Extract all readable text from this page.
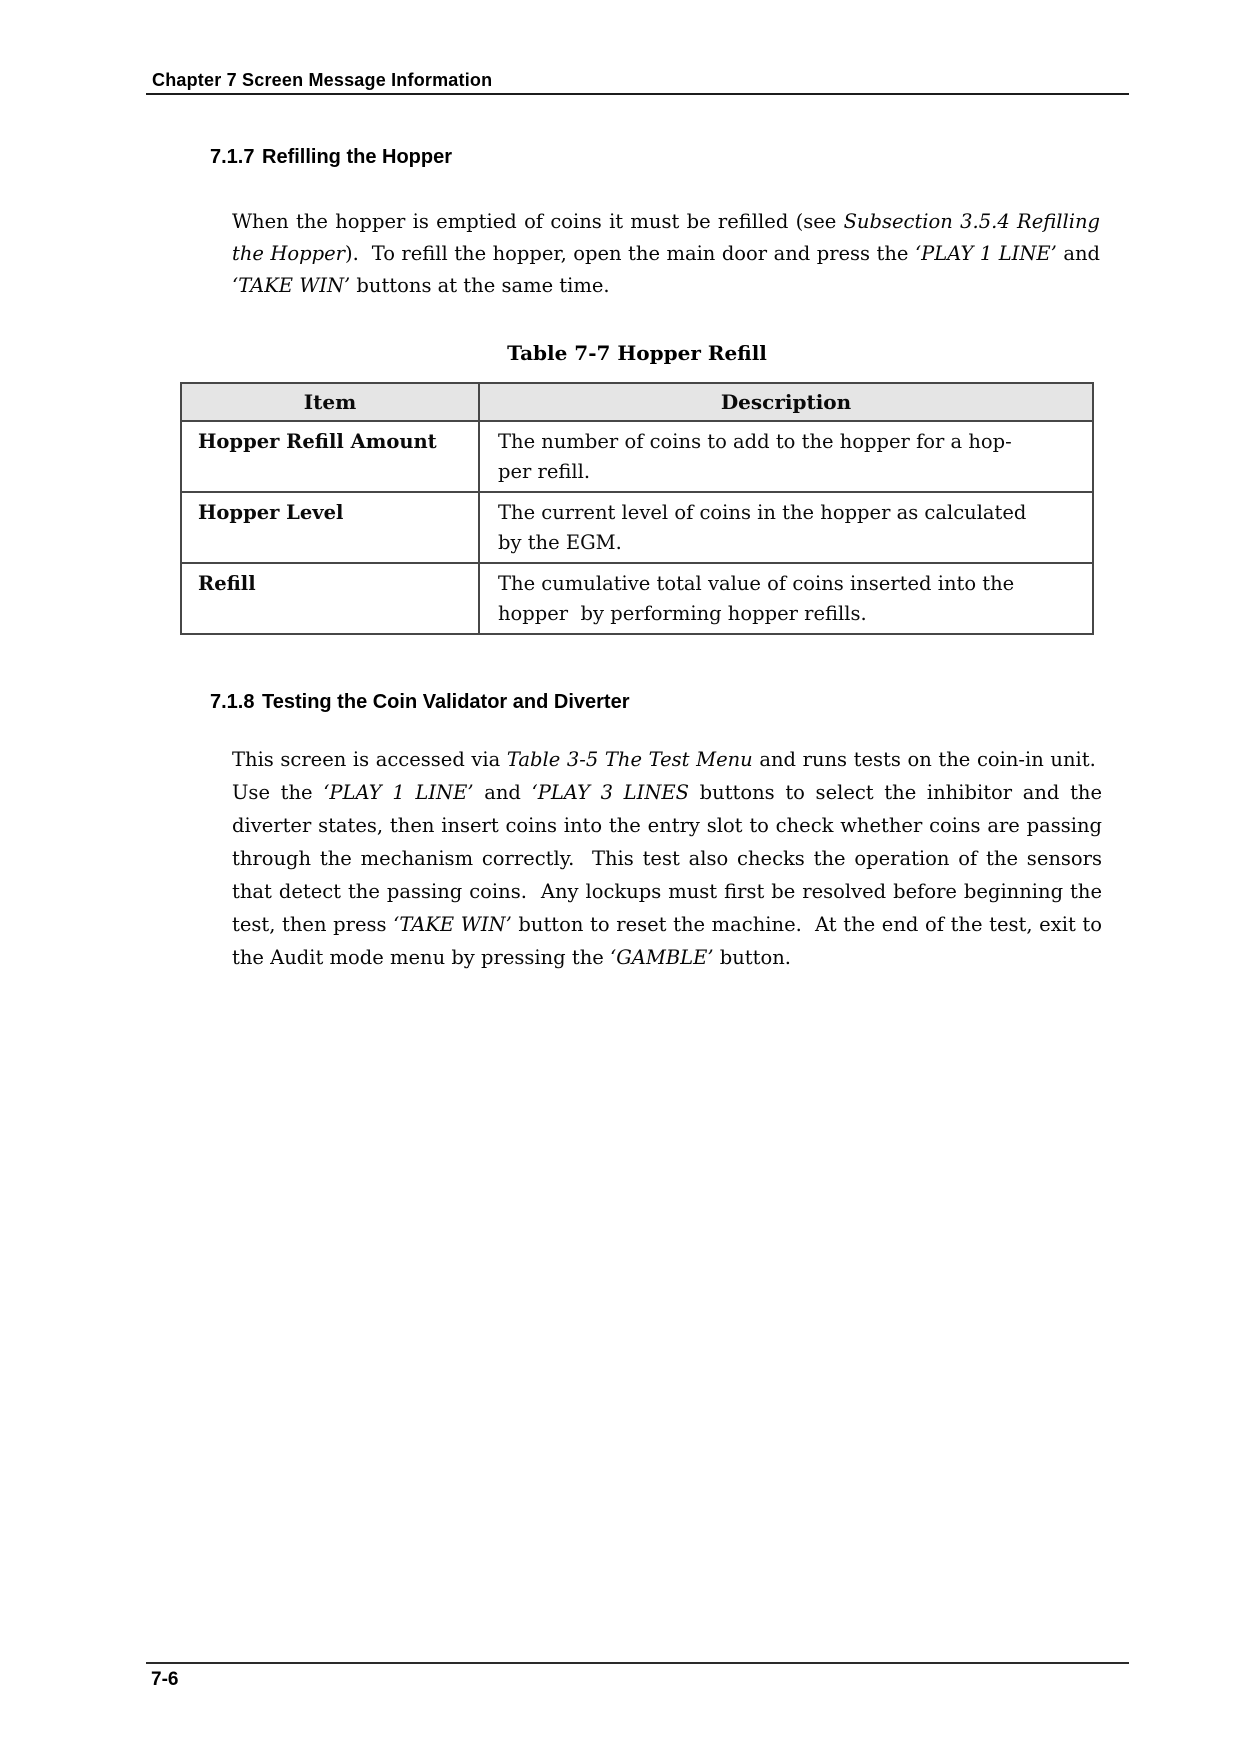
Chapter 7 Screen Message Information
7.1.7 Refilling the Hopper

When the hopper is emptied of coins it must be refilled (see Subsection 3.5.4 Refilling the Hopper).  To refill the hopper, open the main door and press the ‘PLAY 1 LINE’ and ‘TAKE WIN’ buttons at the same time.

Table 7-7 Hopper Refill
Item	Description
Hopper Refill Amount	The number of coins to add to the hopper for a hop-
per refill.

Hopper Level	The current level of coins in the hopper as calculated
by the EGM.

Refill	The cumulative total value of coins inserted into the
hopper  by performing hopper refills.
7.1.8 Testing the Coin Validator and Diverter

This screen is accessed via Table 3-5 The Test Menu and runs tests on the coin-in unit.  Use the ‘PLAY 1 LINE’ and ‘PLAY 3 LINES buttons to select the inhibitor and the diverter states, then insert coins into the entry slot to check whether coins are passing through the mechanism correctly.  This test also checks the operation of the sensors that detect the passing coins.  Any lockups must first be resolved before beginning the test, then press ‘TAKE WIN’ button to reset the machine.  At the end of the test, exit to the Audit mode menu by pressing the ‘GAMBLE’ button.

7-6
